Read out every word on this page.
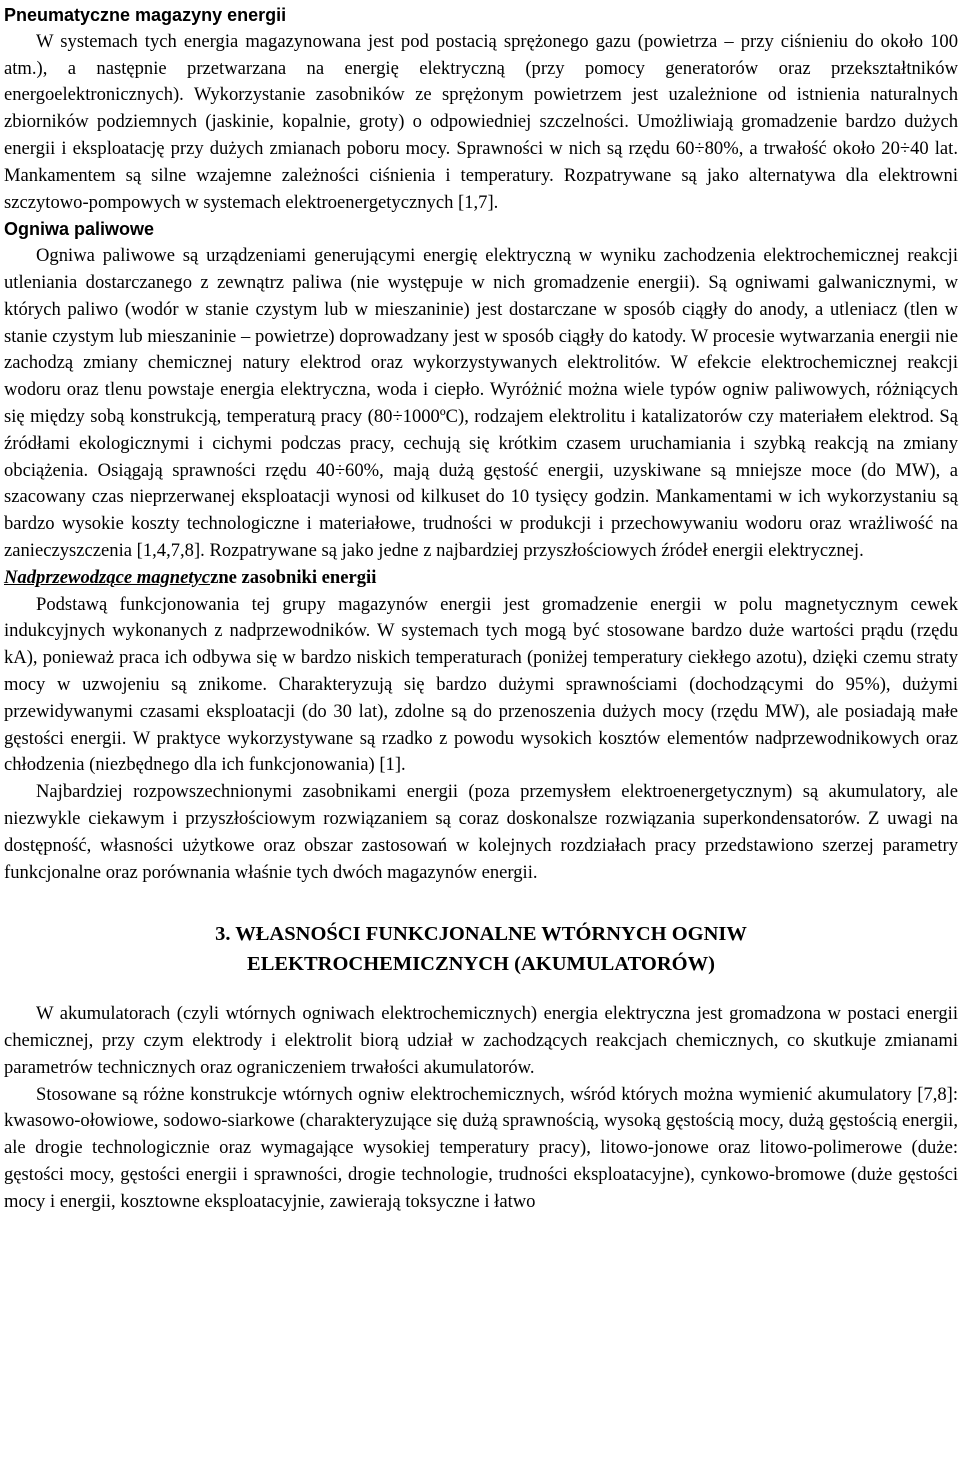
Pneumatyczne magazyny energii

W systemach tych energia magazynowana jest pod postacią sprężonego gazu (powietrza – przy ciśnieniu do około 100 atm.), a następnie przetwarzana na energię elektryczną (przy pomocy generatorów oraz przekształtników energoelektronicznych). Wykorzystanie zasobników ze sprężonym powietrzem jest uzależnione od istnienia naturalnych zbiorników podziemnych (jaskinie, kopalnie, groty) o odpowiedniej szczelności. Umożliwiają gromadzenie bardzo dużych energii i eksploatację przy dużych zmianach poboru mocy. Sprawności w nich są rzędu 60÷80%, a trwałość około 20÷40 lat. Mankamentem są silne wzajemne zależności ciśnienia i temperatury. Rozpatrywane są jako alternatywa dla elektrowni szczytowo-pompowych w systemach elektroenergetycznych [1,7].

Ogniwa paliwowe

Ogniwa paliwowe są urządzeniami generującymi energię elektryczną w wyniku zachodzenia elektrochemicznej reakcji utleniania dostarczanego z zewnątrz paliwa (nie występuje w nich gromadzenie energii). Są ogniwami galwanicznymi, w których paliwo (wodór w stanie czystym lub w mieszaninie) jest dostarczane w sposób ciągły do anody, a utleniacz (tlen w stanie czystym lub mieszaninie – powietrze) doprowadzany jest w sposób ciągły do katody. W procesie wytwarzania energii nie zachodzą zmiany chemicznej natury elektrod oraz wykorzystywanych elektrolitów. W efekcie elektrochemicznej reakcji wodoru oraz tlenu powstaje energia elektryczna, woda i ciepło. Wyróżnić można wiele typów ogniw paliwowych, różniących się między sobą konstrukcją, temperaturą pracy (80÷1000ºC), rodzajem elektrolitu i katalizatorów czy materiałem elektrod. Są źródłami ekologicznymi i cichymi podczas pracy, cechują się krótkim czasem uruchamiania i szybką reakcją na zmiany obciążenia. Osiągają sprawności rzędu 40÷60%, mają dużą gęstość energii, uzyskiwane są mniejsze moce (do MW), a szacowany czas nieprzerwanej eksploatacji wynosi od kilkuset do 10 tysięcy godzin. Mankamentami w ich wykorzystaniu są bardzo wysokie koszty technologiczne i materiałowe, trudności w produkcji i przechowywaniu wodoru oraz wrażliwość na zanieczyszczenia [1,4,7,8]. Rozpatrywane są jako jedne z najbardziej przyszłościowych źródeł energii elektrycznej.

Nadprzewodzące magnetyczne zasobniki energii

Podstawą funkcjonowania tej grupy magazynów energii jest gromadzenie energii w polu magnetycznym cewek indukcyjnych wykonanych z nadprzewodników. W systemach tych mogą być stosowane bardzo duże wartości prądu (rzędu kA), ponieważ praca ich odbywa się w bardzo niskich temperaturach (poniżej temperatury ciekłego azotu), dzięki czemu straty mocy w uzwojeniu są znikome. Charakteryzują się bardzo dużymi sprawnościami (dochodzącymi do 95%), dużymi przewidywanymi czasami eksploatacji (do 30 lat), zdolne są do przenoszenia dużych mocy (rzędu MW), ale posiadają małe gęstości energii. W praktyce wykorzystywane są rzadko z powodu wysokich kosztów elementów nadprzewodnikowych oraz chłodzenia (niezbędnego dla ich funkcjonowania) [1].

Najbardziej rozpowszechnionymi zasobnikami energii (poza przemysłem elektroenergetycznym) są akumulatory, ale niezwykle ciekawym i przyszłościowym rozwiązaniem są coraz doskonalsze rozwiązania superkondensatorów. Z uwagi na dostępność, własności użytkowe oraz obszar zastosowań w kolejnych rozdziałach pracy przedstawiono szerzej parametry funkcjonalne oraz porównania właśnie tych dwóch magazynów energii.

3. WŁASNOŚCI FUNKCJONALNE WTÓRNYCH OGNIW
ELEKTROCHEMICZNYCH (AKUMULATORÓW)

W akumulatorach (czyli wtórnych ogniwach elektrochemicznych) energia elektryczna jest gromadzona w postaci energii chemicznej, przy czym elektrody i elektrolit biorą udział w zachodzących reakcjach chemicznych, co skutkuje zmianami parametrów technicznych oraz ograniczeniem trwałości akumulatorów.

Stosowane są różne konstrukcje wtórnych ogniw elektrochemicznych, wśród których można wymienić akumulatory [7,8]: kwasowo-ołowiowe, sodowo-siarkowe (charakteryzujące się dużą sprawnością, wysoką gęstością mocy, dużą gęstością energii, ale drogie technologicznie oraz wymagające wysokiej temperatury pracy), litowo-jonowe oraz litowo-polimerowe (duże: gęstości mocy, gęstości energii i sprawności, drogie technologie, trudności eksploatacyjne), cynkowo-bromowe (duże gęstości mocy i energii, kosztowne eksploatacyjnie, zawierają toksyczne i łatwo
